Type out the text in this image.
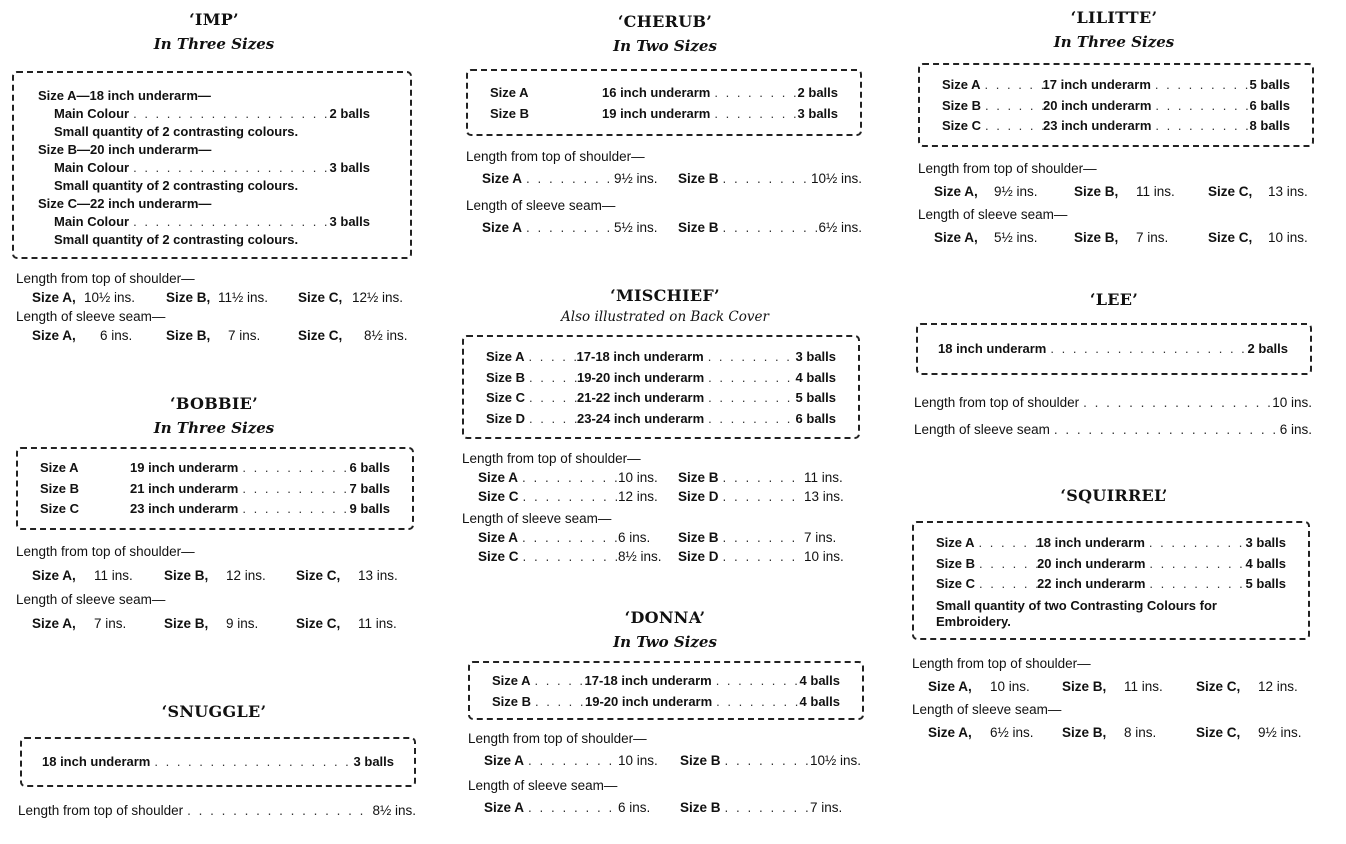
‘IMP’
In Three Sizes
Size A—18 inch underarm—
Main Colour . . .	2 balls
Small quantity of 2 contrasting colours.
Size B—20 inch underarm—
Main Colour . . .	3 balls
Small quantity of 2 contrasting colours.
Size C—22 inch underarm—
Main Colour . . .	3 balls
Small quantity of 2 contrasting colours.
Length from top of shoulder—
Size A, 10½ ins.	Size B, 11½ ins.	Size C, 12½ ins.
Length of sleeve seam—
Size A,	6 ins.	Size B,	7 ins.	Size C,	8½ ins.
‘BOBBIE’
In Three Sizes
Size A	19 inch underarm . . .	6 balls
Size B	21 inch underarm . . .	7 balls
Size C	23 inch underarm . . .	9 balls
Length from top of shoulder—
Size A,	11 ins.	Size B,	12 ins.	Size C,	13 ins.
Length of sleeve seam—
Size A,	7 ins.	Size B,	9 ins.	Size C,	11 ins.
‘SNUGGLE’
18 inch underarm . . .	3 balls
Length from top of shoulder . . .	8½ ins.
‘CHERUB’
In Two Sizes
Size A	16 inch underarm . . .	2 balls
Size B	19 inch underarm . . .	3 balls
Length from top of shoulder—
Size A . . .	9½ ins.	Size B . . .	10½ ins.
Length of sleeve seam—
Size A . . .	5½ ins.	Size B . . .	6½ ins.
‘MISCHIEF’
Also illustrated on Back Cover
Size A . . .	17-18 inch underarm . . .	3 balls
Size B . . .	19-20 inch underarm . . .	4 balls
Size C . . .	21-22 inch underarm . . .	5 balls
Size D . . .	23-24 inch underarm . . .	6 balls
Length from top of shoulder—
Size A . . .	10 ins.	Size B . . .	11 ins.
Size C . . .	12 ins.	Size D . . .	13 ins.
Length of sleeve seam—
Size A . . .	6 ins.	Size B . . .	7 ins.
Size C . . .	8½ ins.	Size D . . .	10 ins.
‘DONNA’
In Two Sizes
Size A . . .	17-18 inch underarm . . .	4 balls
Size B . . .	19-20 inch underarm . . .	4 balls
Length from top of shoulder—
Size A . . .	10 ins.	Size B . . .	10½ ins.
Length of sleeve seam—
Size A . . .	6 ins.	Size B . . .	7 ins.
‘LILITTE’
In Three Sizes
Size A . . .	17 inch underarm . . .	5 balls
Size B . . .	20 inch underarm . . .	6 balls
Size C . . .	23 inch underarm . . .	8 balls
Length from top of shoulder—
Size A,	9½ ins.	Size B,	11 ins.	Size C,	13 ins.
Length of sleeve seam—
Size A,	5½ ins.	Size B,	7 ins.	Size C,	10 ins.
‘LEE’
18 inch underarm . . .	2 balls
Length from top of shoulder . . .	10 ins.
Length of sleeve seam . . .	6 ins.
‘SQUIRREL’
Size A . . .	18 inch underarm . . .	3 balls
Size B . . .	20 inch underarm . . .	4 balls
Size C . . .	22 inch underarm . . .	5 balls
Small quantity of two Contrasting Colours for Embroidery.
Length from top of shoulder—
Size A,	10 ins.	Size B,	11 ins.	Size C,	12 ins.
Length of sleeve seam—
Size A,	6½ ins.	Size B,	8 ins.	Size C,	9½ ins.
